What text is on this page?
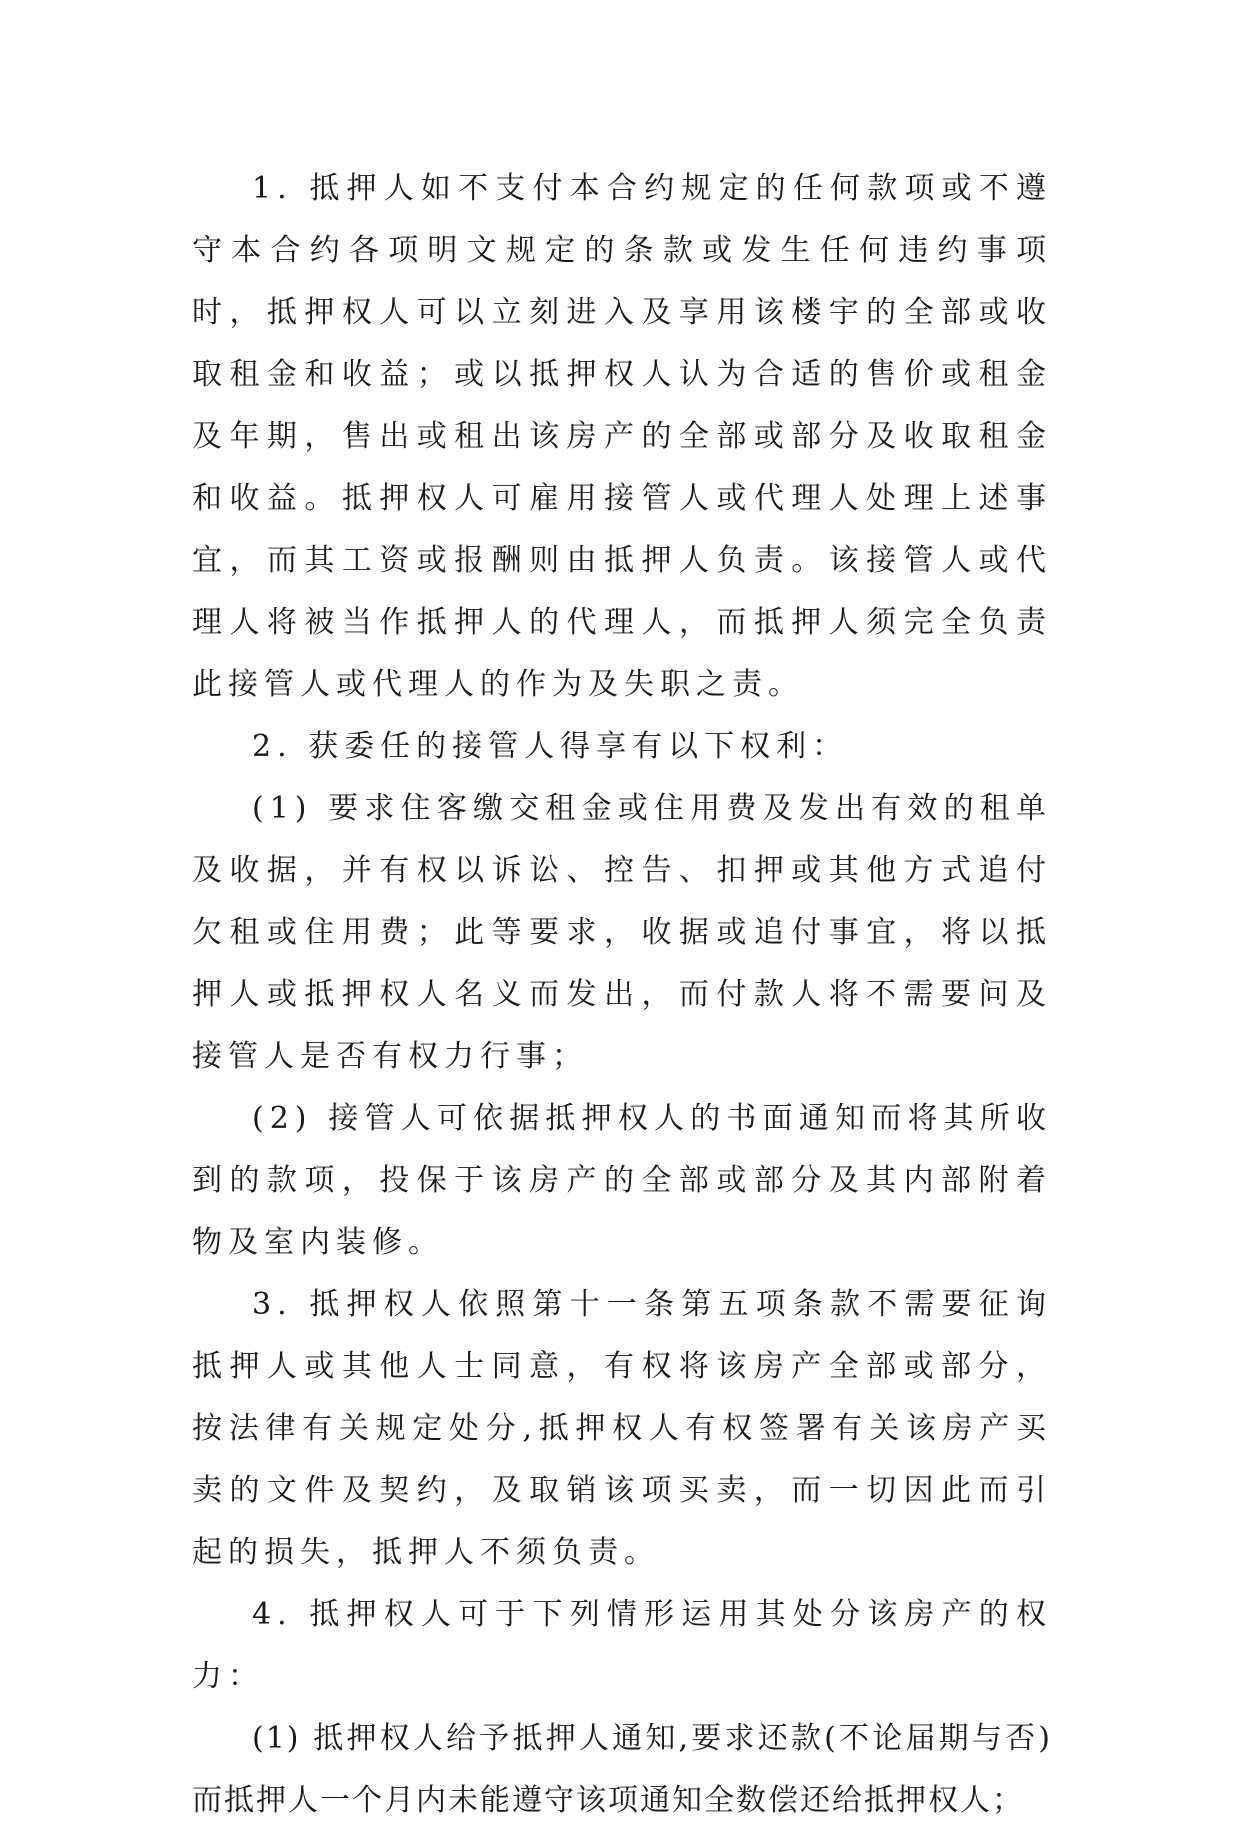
1. 抵押人如不支付本合约规定的任何款项或不遵守本合约各项明文规定的条款或发生任何违约事项时，抵押权人可以立刻进入及享用该楼宇的全部或收取租金和收益；或以抵押权人认为合适的售价或租金及年期，售出或租出该房产的全部或部分及收取租金和收益。抵押权人可雇用接管人或代理人处理上述事宜，而其工资或报酬则由抵押人负责。该接管人或代理人将被当作抵押人的代理人，而抵押人须完全负责此接管人或代理人的作为及失职之责。

2. 获委任的接管人得享有以下权利：

(1) 要求住客缴交租金或住用费及发出有效的租单及收据，并有权以诉讼、控告、扣押或其他方式追付欠租或住用费；此等要求，收据或追付事宜，将以抵押人或抵押权人名义而发出，而付款人将不需要问及接管人是否有权力行事；

(2) 接管人可依据抵押权人的书面通知而将其所收到的款项，投保于该房产的全部或部分及其内部附着物及室内装修。

3. 抵押权人依照第十一条第五项条款不需要征询抵押人或其他人士同意，有权将该房产全部或部分，按法律有关规定处分,抵押权人有权签署有关该房产买卖的文件及契约，及取销该项买卖，而一切因此而引起的损失，抵押人不须负责。

4. 抵押权人可于下列情形运用其处分该房产的权力：

(1) 抵押权人给予抵押人通知,要求还款(不论届期与否)而抵押人一个月内未能遵守该项通知全数偿还给抵押权人；
